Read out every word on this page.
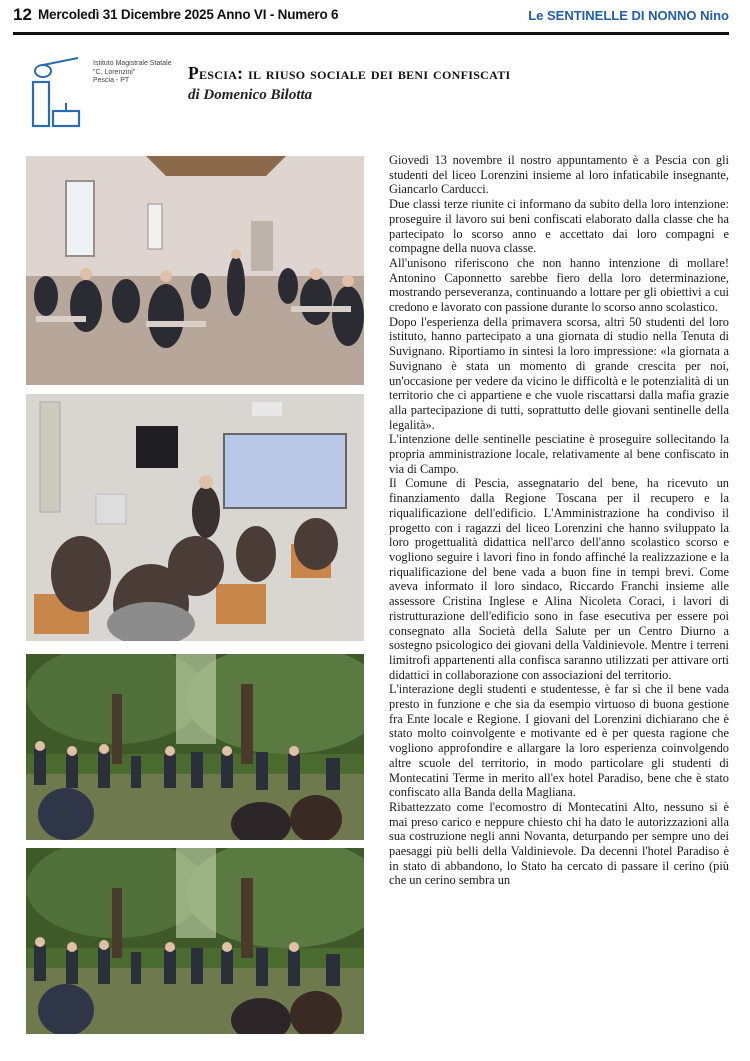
12 Mercoledì 31 Dicembre 2025 Anno VI - Numero 6	Le SENTINELLE DI NONNO Nino
Istituto Magistrale Statale
"C. Lorenzini"
Pescia - PT	Pescia: il riuso sociale dei beni confiscati
di Domenico Bilotta

Giovedì 13 novembre il nostro appuntamento è a Pescia con gli studenti del liceo Lorenzini insieme al loro infaticabile insegnante, Giancarlo Carducci.

Due classi terze riunite ci informano da subito della loro intenzione: proseguire il lavoro sui beni confiscati elaborato dalla classe che ha partecipato lo scorso anno e accettato dai loro compagni e compagne della nuova classe.

All'unisono riferiscono che non hanno intenzione di mollare! Antonino Caponnetto sarebbe fiero della loro determinazione, mostrando perseveranza, continuando a lottare per gli obiettivi a cui credono e lavorato con passione durante lo scorso anno scolastico.

Dopo l'esperienza della primavera scorsa, altri 50 studenti del loro istituto, hanno partecipato a una giornata di studio nella Tenuta di Suvignano. Riportiamo in sintesi la loro impressione: «la giornata a Suvignano è stata un momento di grande crescita per noi, un'occasione per vedere da vicino le difficoltà e le potenzialità di un territorio che ci appartiene e che vuole riscattarsi dalla mafia grazie alla partecipazione di tutti, soprattutto delle giovani sentinelle della legalità».

L'intenzione delle sentinelle pesciatine è proseguire sollecitando la propria amministrazione locale, relativamente al bene confiscato in via di Campo.

Il Comune di Pescia, assegnatario del bene, ha ricevuto un finanziamento dalla Regione Toscana per il recupero e la riqualificazione dell'edificio. L'Amministrazione ha condiviso il progetto con i ragazzi del liceo Lorenzini che hanno sviluppato la loro progettualità didattica nell'arco dell'anno scolastico scorso e vogliono seguire i lavori fino in fondo affinché la realizzazione e la riqualificazione del bene vada a buon fine in tempi brevi. Come aveva informato il loro sindaco, Riccardo Franchi insieme alle assessore Cristina Inglese e Alina Nicoleta Coraci, i lavori di ristrutturazione dell'edificio sono in fase esecutiva per essere poi consegnato alla Società della Salute per un Centro Diurno a sostegno psicologico dei giovani della Valdinievole. Mentre i terreni limitrofi appartenenti alla confisca saranno utilizzati per attivare orti didattici in collaborazione con associazioni del territorio.

L'interazione degli studenti e studentesse, è far sì che il bene vada presto in funzione e che sia da esempio virtuoso di buona gestione fra Ente locale e Regione. I giovani del Lorenzini dichiarano che è stato molto coinvolgente e motivante ed è per questa ragione che vogliono approfondire e allargare la loro esperienza coinvolgendo altre scuole del territorio, in modo particolare gli studenti di Montecatini Terme in merito all'ex hotel Paradiso, bene che è stato confiscato alla Banda della Magliana.

Ribattezzato come l'ecomostro di Montecatini Alto, nessuno si è mai preso carico e neppure chiesto chi ha dato le autorizzazioni alla sua costruzione negli anni Novanta, deturpando per sempre uno dei paesaggi più belli della Valdinievole. Da decenni l'hotel Paradiso è in stato di abbandono, lo Stato ha cercato di passare il cerino (più che un cerino sembra un
